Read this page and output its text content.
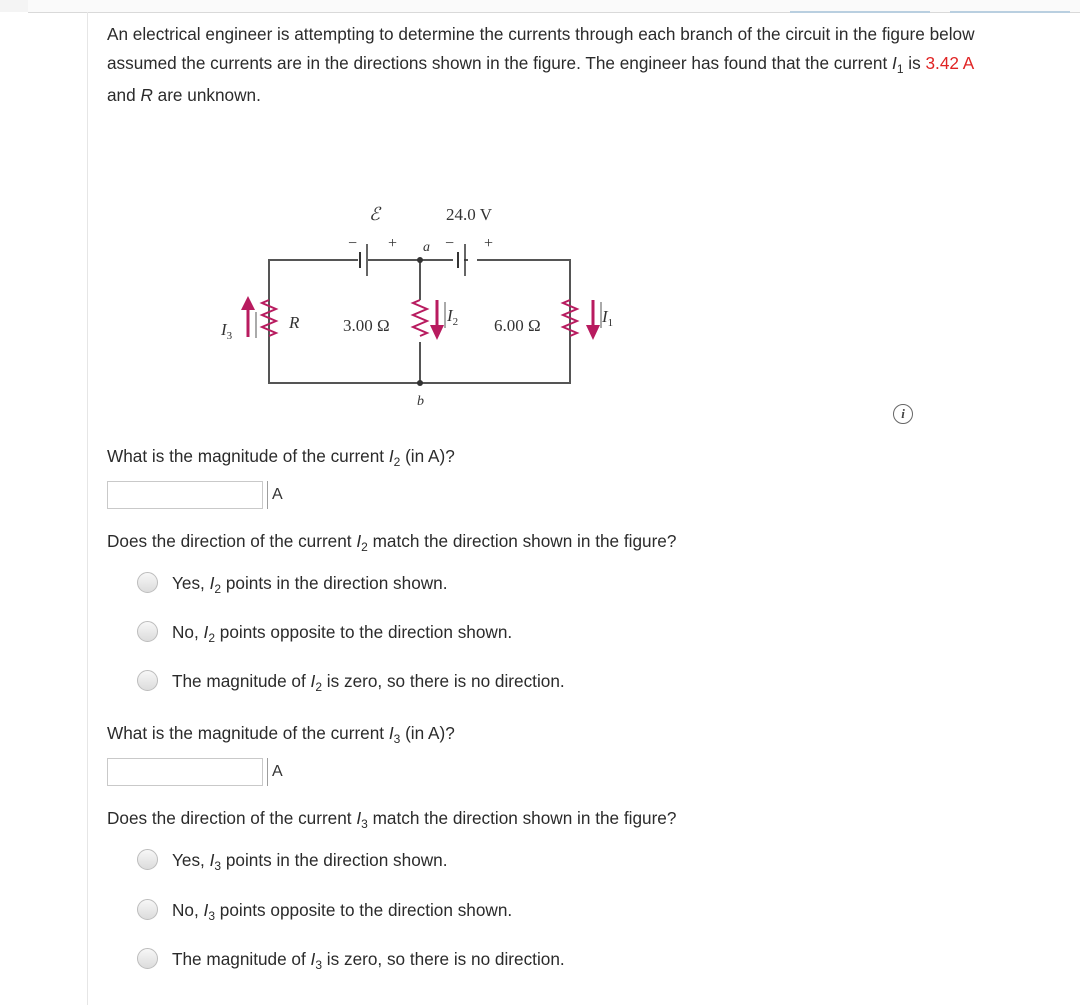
An electrical engineer is attempting to determine the currents through each branch of the circuit in the figure below
assumed the currents are in the directions shown in the figure. The engineer has found that the current $I_1$ is 3.42 A
and R are unknown.
ℰ	24.0 V
− +	− +
a
b
R	3.00 Ω	6.00 Ω
$I_3$
$I_2$	$I_1$
i
What is the magnitude of the current $I_2$ (in A)?
A
Does the direction of the current $I_2$ match the direction shown in the figure?
Yes, $I_2$ points in the direction shown.
No, $I_2$ points opposite to the direction shown.
The magnitude of $I_2$ is zero, so there is no direction.
What is the magnitude of the current $I_3$ (in A)?
A
Does the direction of the current $I_3$ match the direction shown in the figure?
Yes, $I_3$ points in the direction shown.
No, $I_3$ points opposite to the direction shown.
The magnitude of $I_3$ is zero, so there is no direction.
